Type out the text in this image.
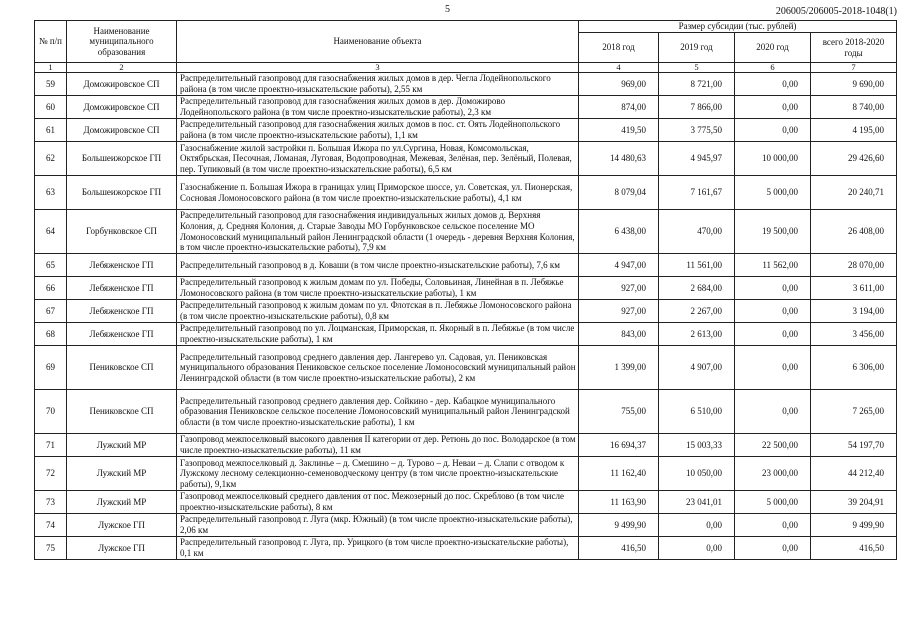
5	206005/206005-2018-1048(1)
№ п/п	Наименование муниципального образования	Наименование объекта	Размер субсидии (тыс. рублей)			
			2018 год	2019 год	2020 год	всего 2018-2020 годы
1	2	3	4	5	6	7
59	Доможировское СП	Распределительный газопровод для газоснабжения жилых домов в дер. Чегла Лодейнопольского района (в том числе проектно-изыскательские работы), 2,55 км	969,00	8 721,00	0,00	9 690,00
60	Доможировское СП	Распределительный газопровод для газоснабжения жилых домов в дер. Доможирово Лодейнопольского района (в том числе проектно-изыскательские работы), 2,3 км	874,00	7 866,00	0,00	8 740,00
61	Доможировское СП	Распределительный газопровод для газоснабжения жилых домов в пос. ст. Оять Лодейнопольского района (в том числе проектно-изыскательские работы), 1,1 км	419,50	3 775,50	0,00	4 195,00
62	Большеижорское ГП	Газоснабжение жилой застройки п. Большая Ижора по ул.Сургина, Новая, Комсомольская, Октябрьская, Песочная, Ломаная, Луговая, Водопроводная, Межевая, Зелёная, пер. Зелёный, Полевая, пер. Тупиковый (в том числе проектно-изыскательские работы), 6,5 км	14 480,63	4 945,97	10 000,00	29 426,60
63	Большеижорское ГП	Газоснабжение п. Большая Ижора в границах улиц Приморское шоссе, ул. Советская, ул. Пионерская, Сосновая Ломоносовского района (в том числе проектно-изыскательские работы), 4,1 км	8 079,04	7 161,67	5 000,00	20 240,71
64	Горбунковское СП	Распределительный газопровод для газоснабжения индивидуальных жилых домов д. Верхняя Колония, д. Средняя Колония, д. Старые Заводы МО Горбунковское сельское поселение МО Ломоносовский муниципальный район Ленинградской области (1 очередь - деревня Верхняя Колония, в том числе проектно-изыскательские работы), 7,9 км	6 438,00	470,00	19 500,00	26 408,00
65	Лебяженское ГП	Распределительный газопровод в д. Коваши (в том числе проектно-изыскательские работы), 7,6 км	4 947,00	11 561,00	11 562,00	28 070,00
66	Лебяженское ГП	Распределительный газопровод к жилым домам по ул. Победы, Соловьиная, Линейная в п. Лебяжье Ломоносовского района (в том числе проектно-изыскательские работы), 1 км	927,00	2 684,00	0,00	3 611,00
67	Лебяженское ГП	Распределительный газопровод к жилым домам по ул. Флотская в п. Лебяжье Ломоносовского района (в том числе проектно-изыскательские работы), 0,8 км	927,00	2 267,00	0,00	3 194,00
68	Лебяженское ГП	Распределительный газопровод по ул. Лоцманская, Приморская, п. Якорный в п. Лебяжье (в том числе проектно-изыскательские работы), 1 км	843,00	2 613,00	0,00	3 456,00
69	Пениковское СП	Распределительный газопровод среднего давления дер. Лангерево ул. Садовая, ул. Пениковская муниципального образования Пениковское сельское поселение Ломоносовский муниципальный район Ленинградской области (в том числе проектно-изыскательские работы), 2 км	1 399,00	4 907,00	0,00	6 306,00
70	Пениковское СП	Распределительный газопровод среднего давления дер. Сойкино - дер. Кабацкое муниципального образования Пениковское сельское поселение Ломоносовский муниципальный район Ленинградской области (в том числе проектно-изыскательские работы), 1 км	755,00	6 510,00	0,00	7 265,00
71	Лужский МР	Газопровод межпоселковый высокого давления II категории от дер. Ретюнь до пос. Володарское (в том числе проектно-изыскательские работы), 11 км	16 694,37	15 003,33	22 500,00	54 197,70
72	Лужский МР	Газопровод межпоселковый д. Заклинье – д. Смешино – д. Турово – д. Неваи – д. Слапи с отводом к Лужскому лесному селекционно-семеноводческому центру (в том числе проектно-изыскательские работы), 9,1км	11 162,40	10 050,00	23 000,00	44 212,40
73	Лужский МР	Газопровод межпоселковый среднего давления от пос. Межозерный до пос. Скреблово (в том числе проектно-изыскательские работы), 8 км	11 163,90	23 041,01	5 000,00	39 204,91
74	Лужское ГП	Распределительный газопровод г. Луга (мкр. Южный) (в том числе проектно-изыскательские работы), 2,06 км	9 499,90	0,00	0,00	9 499,90
75	Лужское ГП	Распределительный газопровод г. Луга, пр. Урицкого (в том числе проектно-изыскательские работы), 0,1 км	416,50	0,00	0,00	416,50
